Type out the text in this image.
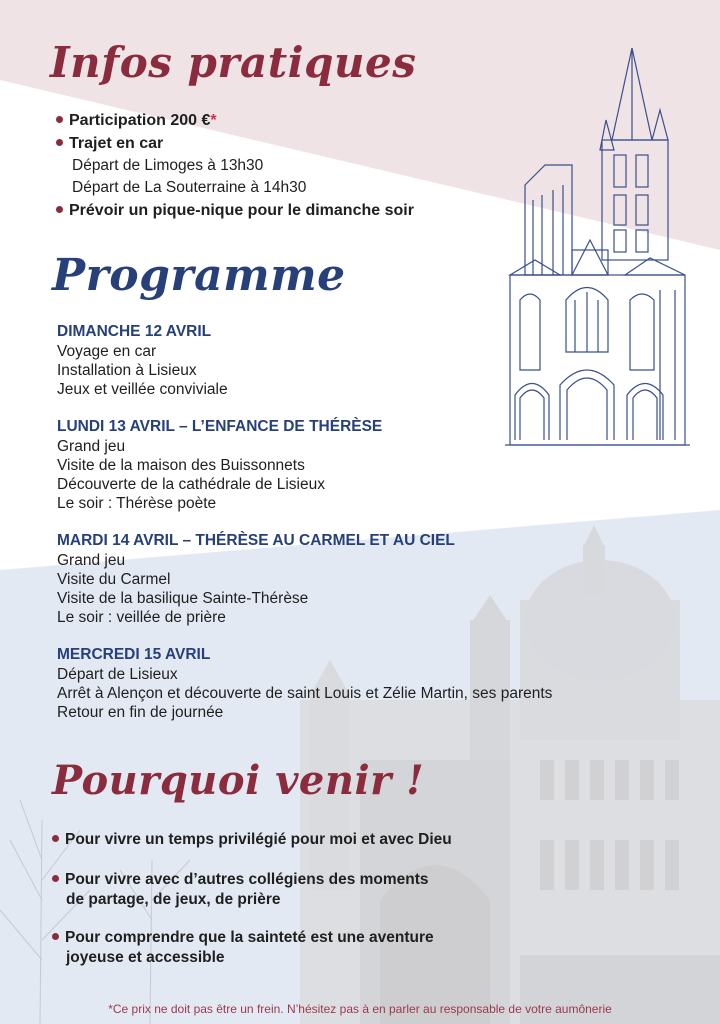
Infos pratiques
Participation 200 €*
Trajet en car
Départ de Limoges à 13h30
Départ de La Souterraine à 14h30
Prévoir un pique-nique pour le dimanche soir
Programme
DIMANCHE 12 AVRIL
Voyage en car
Installation à Lisieux
Jeux et veillée conviviale
LUNDI 13 AVRIL – L’ENFANCE DE THÉRÈSE
Grand jeu
Visite de la maison des Buissonnets
Découverte de la cathédrale de Lisieux
Le soir : Thérèse poète
MARDI 14 AVRIL – THÉRÈSE AU CARMEL ET AU CIEL
Grand jeu
Visite du Carmel
Visite de la basilique Sainte-Thérèse
Le soir : veillée de prière
MERCREDI 15 AVRIL
Départ de Lisieux
Arrêt à Alençon et découverte de saint Louis et Zélie Martin, ses parents
Retour en fin de journée
Pourquoi venir !
Pour vivre un temps privilégié pour moi et avec Dieu
Pour vivre avec d’autres collégiens des moments
de partage, de jeux, de prière
Pour comprendre que la sainteté est une aventure
joyeuse et accessible
*Ce prix ne doit pas être un frein. N’hésitez pas à en parler au responsable de votre aumônerie
